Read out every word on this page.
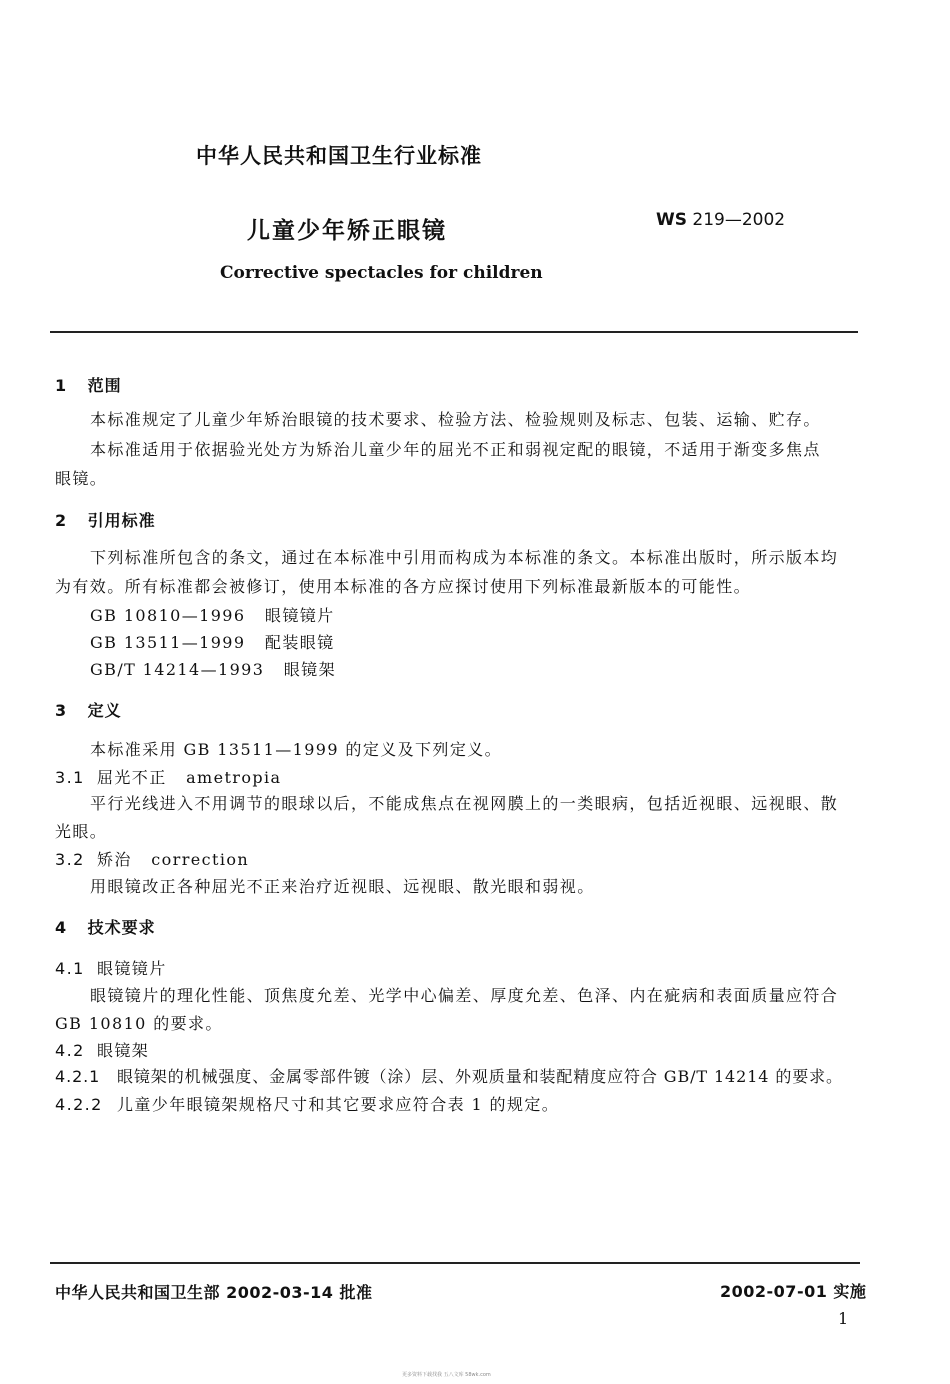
中华人民共和国卫生行业标准
儿童少年矫正眼镜	WS 219—2002
Corrective spectacles for children
1 范围
本标准规定了儿童少年矫治眼镜的技术要求、检验方法、检验规则及标志、包装、运输、贮存。
本标准适用于依据验光处方为矫治儿童少年的屈光不正和弱视定配的眼镜，不适用于渐变多焦点
眼镜。
2 引用标准
下列标准所包含的条文，通过在本标准中引用而构成为本标准的条文。本标准出版时，所示版本均
为有效。所有标准都会被修订，使用本标准的各方应探讨使用下列标准最新版本的可能性。
GB 10810—1996 眼镜镜片
GB 13511—1999 配装眼镜
GB/T 14214—1993 眼镜架
3 定义
本标准采用 GB 13511—1999 的定义及下列定义。
3.1 屈光不正 ametropia
平行光线进入不用调节的眼球以后，不能成焦点在视网膜上的一类眼病，包括近视眼、远视眼、散
光眼。
3.2 矫治 correction
用眼镜改正各种屈光不正来治疗近视眼、远视眼、散光眼和弱视。
4 技术要求
4.1 眼镜镜片
眼镜镜片的理化性能、顶焦度允差、光学中心偏差、厚度允差、色泽、内在疵病和表面质量应符合
GB 10810 的要求。
4.2 眼镜架
4.2.1 眼镜架的机械强度、金属零部件镀（涂）层、外观质量和装配精度应符合 GB/T 14214 的要求。
4.2.2 儿童少年眼镜架规格尺寸和其它要求应符合表 1 的规定。
中华人民共和国卫生部 2002-03-14 批准	2002-07-01 实施
1
更多资料下载找我 五八文库 58wk.com
